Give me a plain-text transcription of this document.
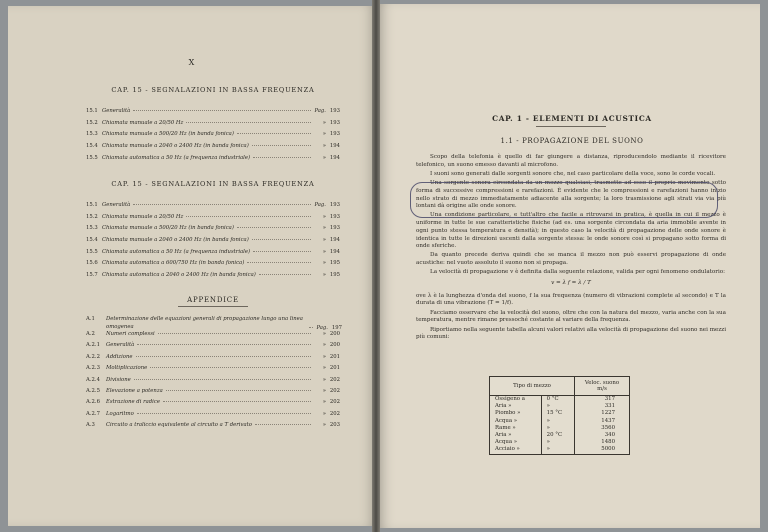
X
CAP. 15 - SEGNALAZIONI IN BASSA FREQUENZA
15.1 Generalità	Pag. 193
15.2 Chiamata manuale a 20/50 Hz	» 193
15.3 Chiamata manuale a 500/20 Hz (in banda fonica)	» 193
15.4 Chiamata manuale a 2040 o 2400 Hz (in banda fonica)	» 194
15.5 Chiamata automatica a 50 Hz (a frequenza industriale)	» 194
CAP. 15 - SEGNALAZIONI IN BASSA FREQUENZA
15.1 Generalità	Pag. 193
15.2 Chiamata manuale a 20/50 Hz	» 193
15.3 Chiamata manuale a 500/20 Hz (in banda fonica)	» 193
15.4 Chiamata manuale a 2040 o 2400 Hz (in banda fonica)	» 194
15.5 Chiamata automatica a 50 Hz (a frequenza industriale)	» 194
15.6 Chiamata automatica a 600/750 Hz (in banda fonica)	» 195
15.7 Chiamata automatica a 2040 o 2400 Hz (in banda fonica)	» 195
APPENDICE
A.1	Determinazione delle equazioni generali di propagazione lungo una linea omogenea	Pag. 197
A.2	Numeri complessi	» 200
A.2.1	Generalità	» 200
A.2.2	Addizione	» 201
A.2.3	Moltiplicazione	» 201
A.2.4	Divisione	» 202
A.2.5	Elevazione a potenza	» 202
A.2.6	Estrazione di radice	» 202
A.2.7	Logaritmo	» 202
A.3	Circuito a traliccio equivalente al circuito a T derivato	» 203
CAP. 1 - ELEMENTI DI ACUSTICA
1.1 - PROPAGAZIONE DEL SUONO

Scopo della telefonia è quello di far giungere a distanza, riproducendolo mediante il ricevitore telefonico, un suono emesso davanti al microfono.

I suoni sono generati dalle sorgenti sonore che, nel caso particolare della voce, sono le corde vocali.

Una sorgente sonora circondata da un mezzo qualsiasi, trasmette ad esso il proprio movimento sotto forma di successive compressioni e rarefazioni. È evidente che le compressioni e rarefazioni hanno inizio nello strato di mezzo immediatamente adiacente alla sorgente; la loro trasmissione agli strati via via più lontani dà origine alle onde sonore.

Una condizione particolare, e tutt'altro che facile a ritrovarsi in pratica, è quella in cui il mezzo è uniforme in tutte le sue caratteristiche fisiche (ad es. una sorgente circondata da aria immobile avente in ogni punto stessa temperatura e densità); in questo caso la velocità di propagazione delle onde sonore è identica in tutte le direzioni uscenti dalla sorgente stessa: le onde sonore così si propagano sotto forma di onde sferiche.

Da quanto precede deriva quindi che se manca il mezzo non può esservi propagazione di onde acustiche: nel vuoto assoluto il suono non si propaga.

La velocità di propagazione v è definita dalla seguente relazione, valida per ogni fenomeno ondulatorio:

v = λ f = λ / T

ove λ è la lunghezza d'onda del suono, f la sua frequenza (numero di vibrazioni complete al secondo) e T la durata di una vibrazione (T = 1/f).

Facciamo osservare che la velocità del suono, oltre che con la natura del mezzo, varia anche con la sua temperatura, mentre rimane pressoché costante al variare della frequenza.

Riportiamo nella seguente tabella alcuni valori relativi alla velocità di propagazione del suono nei mezzi più comuni:

Tipo di mezzo		Veloc. suono m/s
Ossigeno a	0 °C	317
Aria »	»	331
Piombo »	15 °C	1227
Acqua »	»	1437
Rame »	»	3560
Aria »	20 °C	340
Acqua »	»	1480
Acciaio »	»	5000
